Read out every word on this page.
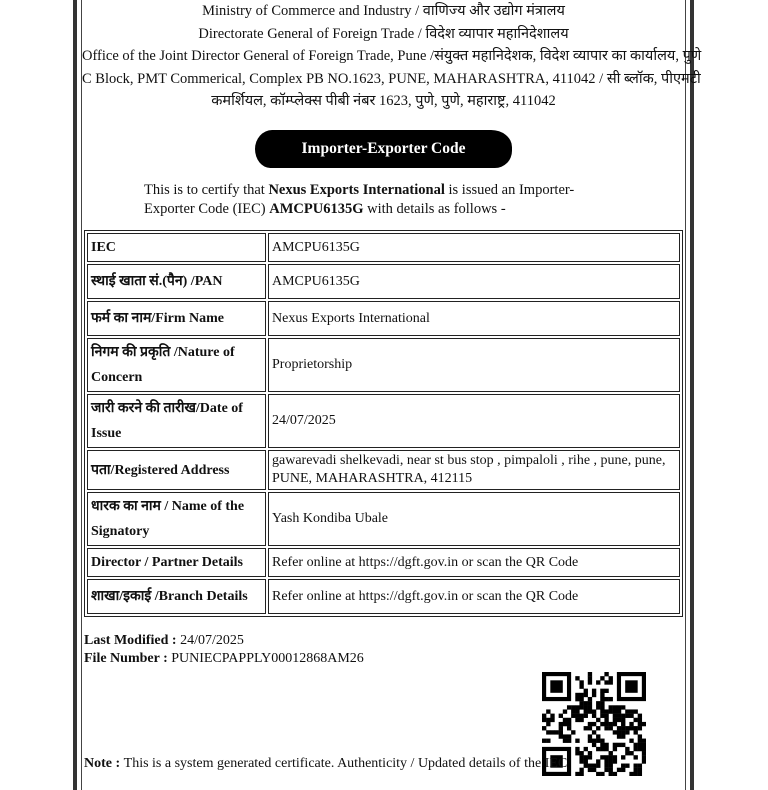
Ministry of Commerce and Industry / वाणिज्य और उद्योग मंत्रालय
Directorate General of Foreign Trade / विदेश व्यापार महानिदेशालय
Office of the Joint Director General of Foreign Trade, Pune /संयुक्त महानिदेशक, विदेश व्यापार का कार्यालय, पुणे
C Block, PMT Commerical, Complex PB NO.1623, PUNE, MAHARASHTRA, 411042 / सी ब्लॉक, पीएमटी
कमर्शियल, कॉम्प्लेक्स पीबी नंबर 1623, पुणे, पुणे, महाराष्ट्र, 411042
Importer-Exporter Code
This is to certify that Nexus Exports International is issued an Importer-Exporter Code (IEC) AMCPU6135G with details as follows -
IEC	AMCPU6135G
स्थाई खाता सं.(पैन) /PAN	AMCPU6135G
फर्म का नाम/Firm Name	Nexus Exports International
निगम की प्रकृति /Nature of Concern	Proprietorship
जारी करने की तारीख/Date of Issue	24/07/2025
पता/Registered Address	gawarevadi shelkevadi, near st bus stop , pimpaloli , rihe , pune, pune, PUNE, MAHARASHTRA, 412115
धारक का नाम / Name of the Signatory	Yash Kondiba Ubale
Director / Partner Details	Refer online at https://dgft.gov.in or scan the QR Code
शाखा/इकाई /Branch Details	Refer online at https://dgft.gov.in or scan the QR Code
Last Modified : 24/07/2025
File Number : PUNIECPAPPLY00012868AM26
Note : This is a system generated certificate. Authenticity / Updated details of the IEC
